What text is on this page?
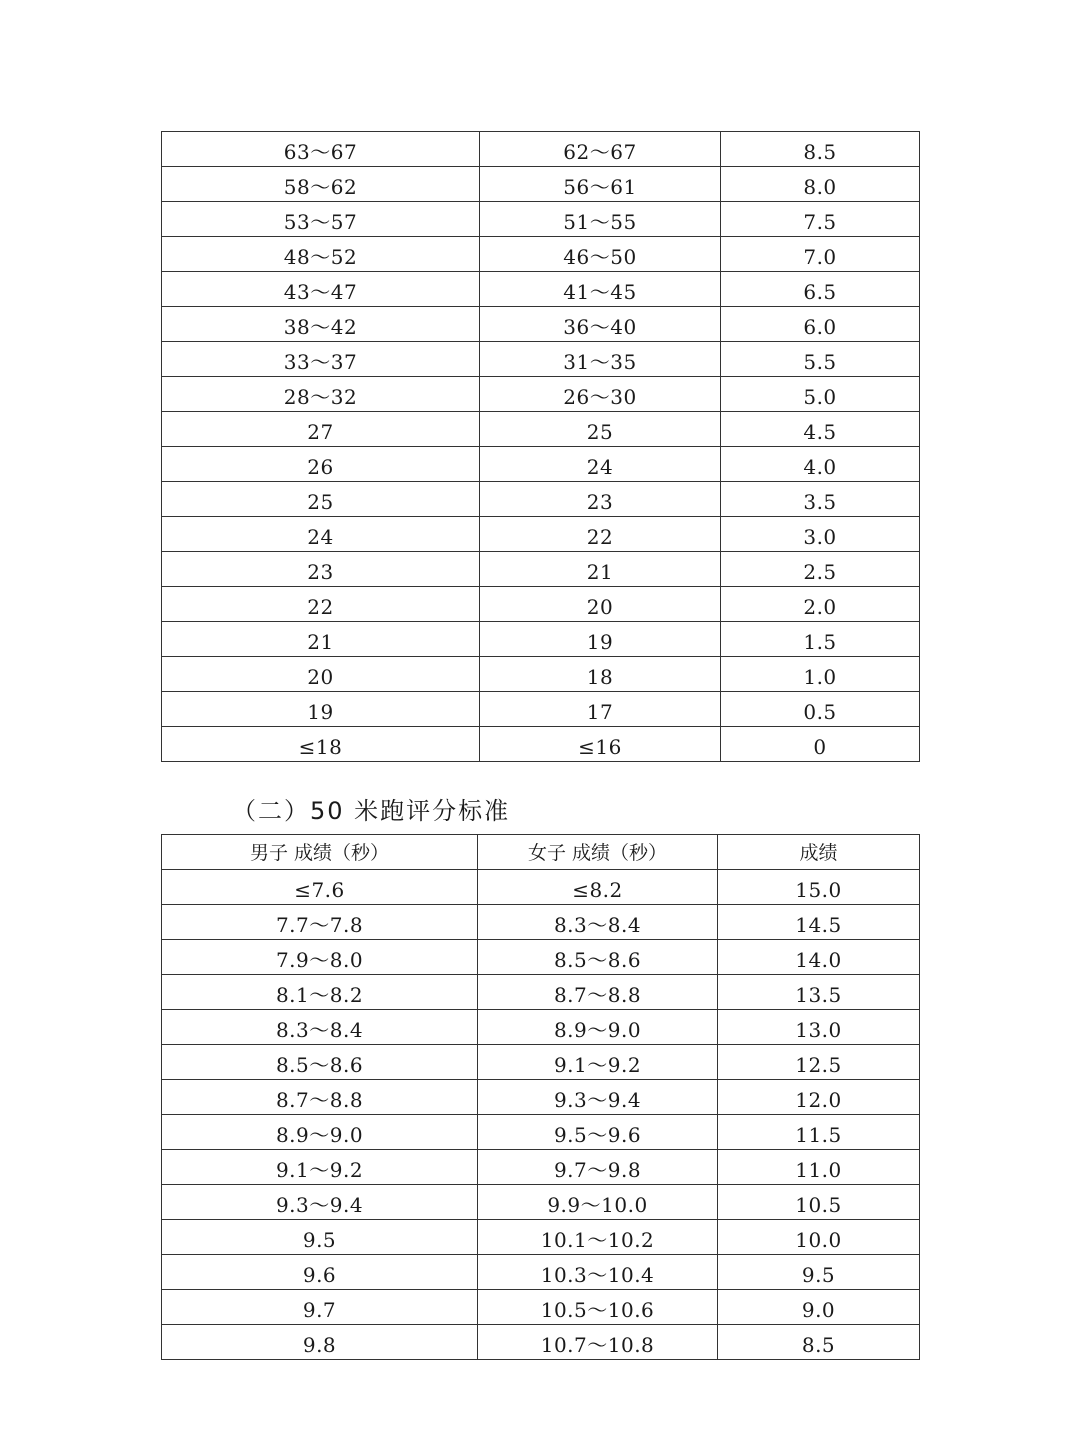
63～67	62～67	8.5
58～62	56～61	8.0
53～57	51～55	7.5
48～52	46～50	7.0
43～47	41～45	6.5
38～42	36～40	6.0
33～37	31～35	5.5
28～32	26～30	5.0
27	25	4.5
26	24	4.0
25	23	3.5
24	22	3.0
23	21	2.5
22	20	2.0
21	19	1.5
20	18	1.0
19	17	0.5
≤18	≤16	0
（二）50 米跑评分标准
男子 成绩（秒）	女子 成绩（秒）	成绩
≤7.6	≤8.2	15.0
7.7～7.8	8.3～8.4	14.5
7.9～8.0	8.5～8.6	14.0
8.1～8.2	8.7～8.8	13.5
8.3～8.4	8.9～9.0	13.0
8.5～8.6	9.1～9.2	12.5
8.7～8.8	9.3～9.4	12.0
8.9～9.0	9.5～9.6	11.5
9.1～9.2	9.7～9.8	11.0
9.3～9.4	9.9～10.0	10.5
9.5	10.1～10.2	10.0
9.6	10.3～10.4	9.5
9.7	10.5～10.6	9.0
9.8	10.7～10.8	8.5
